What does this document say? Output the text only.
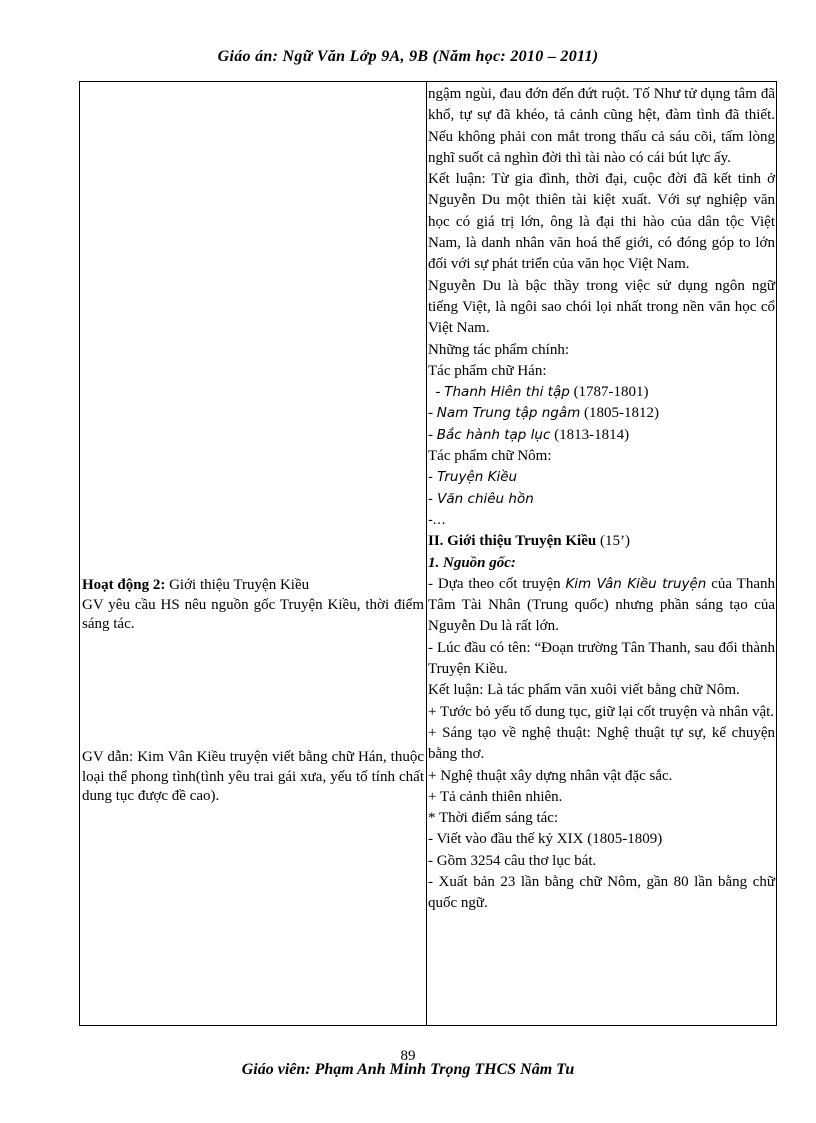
Giáo án: Ngữ Văn Lớp 9A, 9B (Năm học: 2010 – 2011)
Hoạt động 2: Giới thiệu Truyện Kiều
GV yêu cầu HS nêu nguồn gốc Truyện Kiều, thời điểm sáng tác.
GV dẫn: Kim Vân Kiều truyện viết bằng chữ Hán, thuộc loại thể phong tình(tình yêu trai gái xưa, yếu tố tính chất dung tục được đề cao).
ngậm ngùi, đau đớn đến đứt ruột. Tố Như tử dụng tâm đã khổ, tự sự đã khéo, tả cảnh cũng hệt, đàm tình đã thiết. Nếu không phải con mắt trong thấu cả sáu cõi, tấm lòng nghĩ suốt cả nghìn đời thì tài nào có cái bút lực ấy.
Kết luận: Từ gia đình, thời đại, cuộc đời đã kết tinh ở Nguyễn Du một thiên tài kiệt xuất. Với sự nghiệp văn học có giá trị lớn, ông là đại thi hào của dân tộc Việt Nam, là danh nhân văn hoá thế giới, có đóng góp to lớn đối với sự phát triển của văn học Việt Nam.
Nguyễn Du là bậc thầy trong việc sử dụng ngôn ngữ tiếng Việt, là ngôi sao chói lọi nhất trong nền văn học cổ Việt Nam.
Những tác phẩm chính:
Tác phẩm chữ Hán:
- Thanh Hiên thi tập (1787-1801)
- Nam Trung tập ngâm (1805-1812)
- Bắc hành tạp lục (1813-1814)
Tác phẩm chữ Nôm:
- Truyện Kiều
- Văn chiêu hồn
-…
II. Giới thiệu Truyện Kiều (15’)
1. Nguồn gốc:
- Dựa theo cốt truyện Kim Vân Kiều truyện của Thanh Tâm Tài Nhân (Trung quốc) nhưng phần sáng tạo của Nguyễn Du là rất lớn.
- Lúc đầu có tên: “Đoạn trường Tân Thanh, sau đổi thành Truyện Kiều.
Kết luận: Là tác phẩm văn xuôi viết bằng chữ Nôm.
+ Tước bỏ yếu tố dung tục, giữ lại cốt truyện và nhân vật.
+ Sáng tạo về nghệ thuật: Nghệ thuật tự sự, kể chuyện bằng thơ.
+ Nghệ thuật xây dựng nhân vật đặc sắc.
+ Tả cảnh thiên nhiên.
* Thời điểm sáng tác:
- Viết vào đầu thế kỷ XIX (1805-1809)
- Gồm 3254 câu thơ lục bát.
- Xuất bản 23 lần bằng chữ Nôm, gần 80 lần bằng chữ quốc ngữ.
89
Giáo viên: Phạm Anh Minh Trọng THCS Nâm Tu
